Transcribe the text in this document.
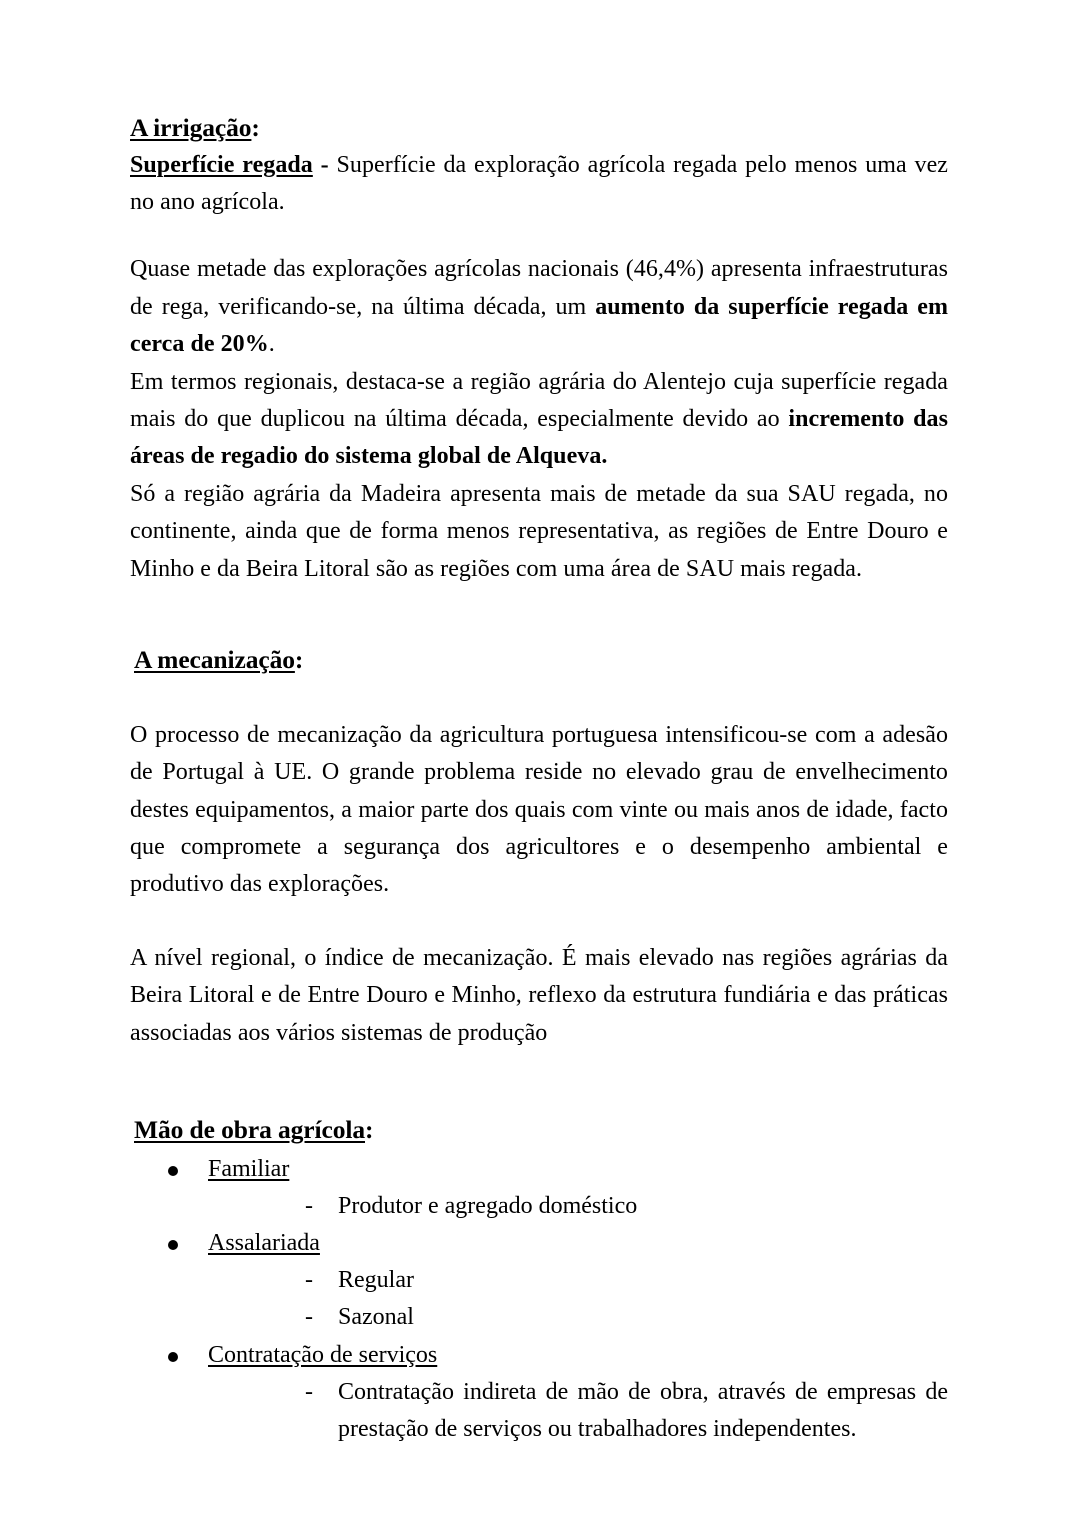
A irrigação:

Superfície regada - Superfície da exploração agrícola regada pelo menos uma vez no ano agrícola.

Quase metade das explorações agrícolas nacionais (46,4%) apresenta infraestruturas de rega, verificando-se, na última década, um aumento da superfície regada em cerca de 20%.

Em termos regionais, destaca-se a região agrária do Alentejo cuja superfície regada mais do que duplicou na última década, especialmente devido ao incremento das áreas de regadio do sistema global de Alqueva.

Só a região agrária da Madeira apresenta mais de metade da sua SAU regada, no continente, ainda que de forma menos representativa, as regiões de Entre Douro e Minho e da Beira Litoral são as regiões com uma área de SAU mais regada.

A mecanização:

O processo de mecanização da agricultura portuguesa intensificou-se com a adesão de Portugal à UE. O grande problema reside no elevado grau de envelhecimento destes equipamentos, a maior parte dos quais com vinte ou mais anos de idade, facto que compromete a segurança dos agricultores e o desempenho ambiental e produtivo das explorações.

A nível regional, o índice de mecanização. É mais elevado nas regiões agrárias da Beira Litoral e de Entre Douro e Minho, reflexo da estrutura fundiária e das práticas associadas aos vários sistemas de produção

Mão de obra agrícola:
Familiar
- Produtor e agregado doméstico
Assalariada
- Regular
- Sazonal
Contratação de serviços
- Contratação indireta de mão de obra, através de empresas de prestação de serviços ou trabalhadores independentes.
